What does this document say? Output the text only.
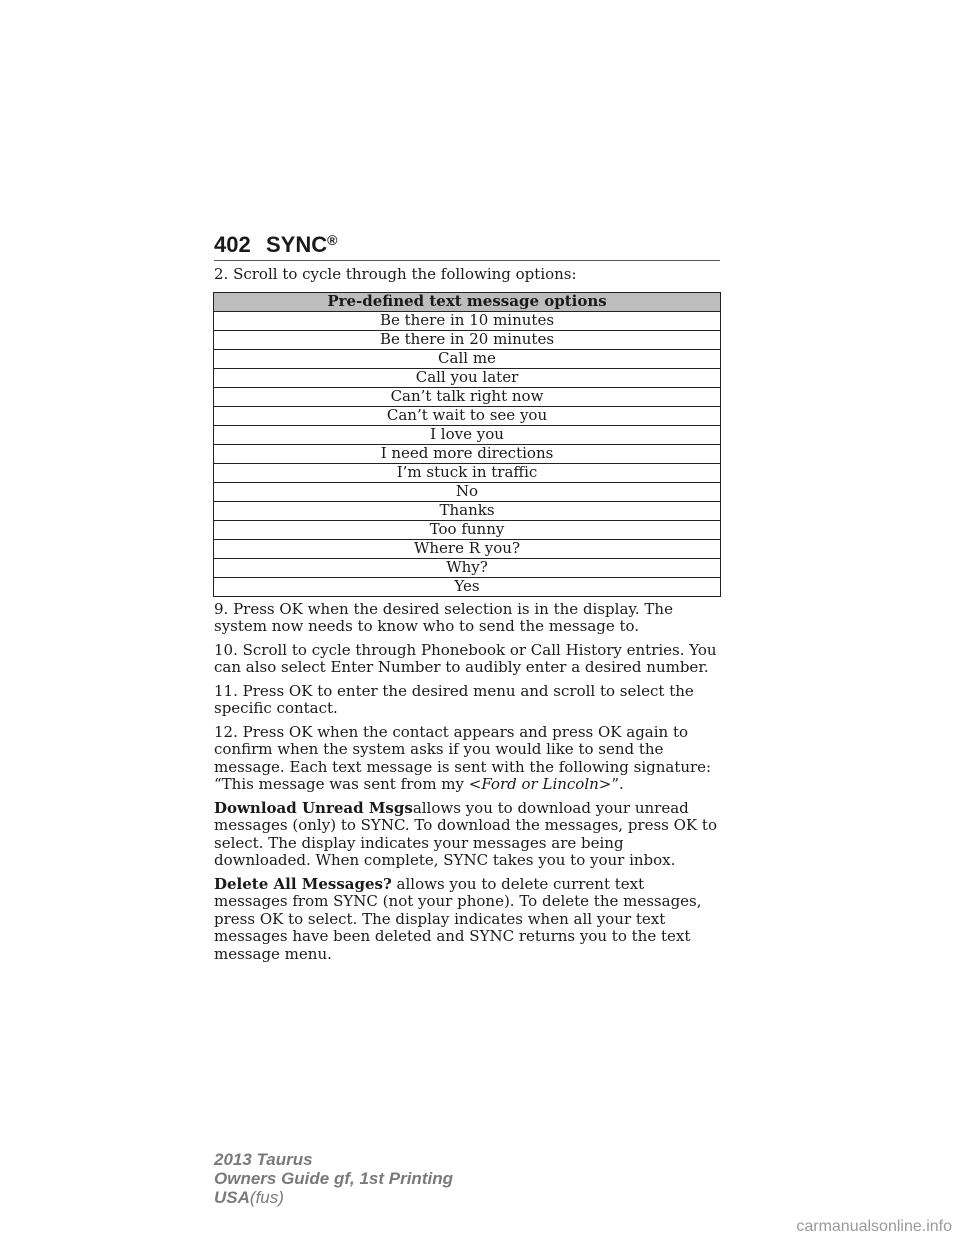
402 SYNC®

2. Scroll to cycle through the following options:

Pre-defined text message options
Be there in 10 minutes
Be there in 20 minutes
Call me
Call you later
Can’t talk right now
Can’t wait to see you
I love you
I need more directions
I’m stuck in traffic
No
Thanks
Too funny
Where R you?
Why?
Yes

9. Press OK when the desired selection is in the display. The system now needs to know who to send the message to.

10. Scroll to cycle through Phonebook or Call History entries. You can also select Enter Number to audibly enter a desired number.

11. Press OK to enter the desired menu and scroll to select the specific contact.

12. Press OK when the contact appears and press OK again to confirm when the system asks if you would like to send the message. Each text message is sent with the following signature: “This message was sent from my <Ford or Lincoln>”.

Download Unread Msgsallows you to download your unread messages (only) to SYNC. To download the messages, press OK to select. The display indicates your messages are being downloaded. When complete, SYNC takes you to your inbox.

Delete All Messages? allows you to delete current text messages from SYNC (not your phone). To delete the messages, press OK to select. The display indicates when all your text messages have been deleted and SYNC returns you to the text message menu.

2013 Taurus
Owners Guide gf, 1st Printing
USA(fus)
carmanualsonline.info
